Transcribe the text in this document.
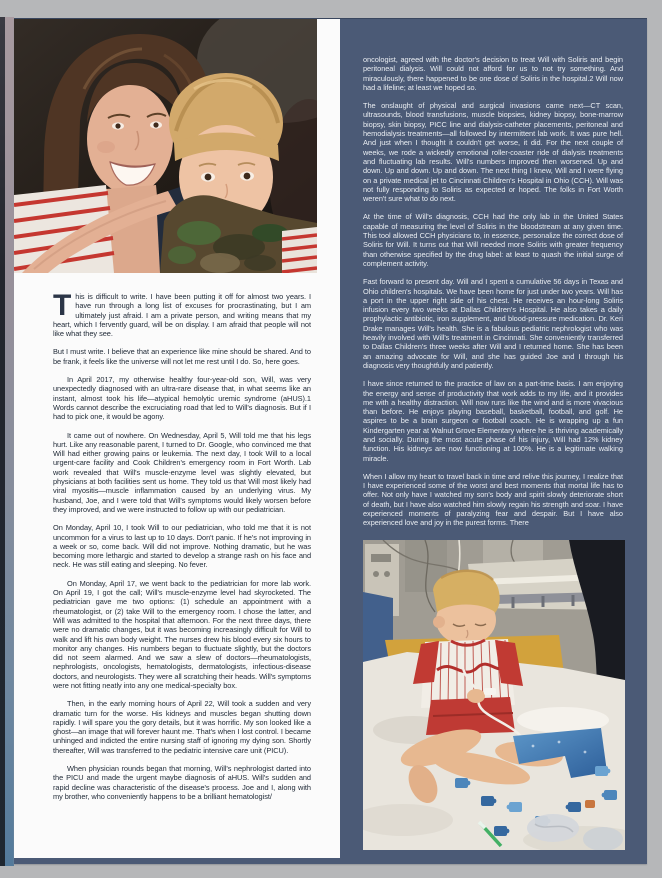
This is difficult to write. I have been putting it off for almost two years. I have run through a long list of excuses for procrastinating, but I am ultimately just afraid. I am a private person, and writing means that my heart, which I fervently guard, will be on display. I am afraid that people will not like what they see.

But I must write. I believe that an experience like mine should be shared. And to be frank, it feels like the universe will not let me rest until I do. So, here goes.

In April 2017, my otherwise healthy four-year-old son, Will, was very unexpectedly diagnosed with an ultra-rare disease that, in what seems like an instant, almost took his life—atypical hemolytic uremic syndrome (aHUS).1 Words cannot describe the excruciating road that led to Will's diagnosis. But if I had to pick one, it would be agony.

It came out of nowhere. On Wednesday, April 5, Will told me that his legs hurt. Like any reasonable parent, I turned to Dr. Google, who convinced me that Will had either growing pains or leukemia. The next day, I took Will to a local urgent-care facility and Cook Children's emergency room in Fort Worth. Lab work revealed that Will's muscle-enzyme level was slightly elevated, but physicians at both facilities sent us home. They told us that Will most likely had viral myositis—muscle inflammation caused by an underlying virus. My husband, Joe, and I were told that Will's symptoms would likely worsen before they improved, and we were instructed to follow up with our pediatrician.

On Monday, April 10, I took Will to our pediatrician, who told me that it is not uncommon for a virus to last up to 10 days. Don't panic. If he's not improving in a week or so, come back. Will did not improve. Nothing dramatic, but he was becoming more lethargic and started to develop a strange rash on his face and neck. He was still eating and sleeping. No fever.

On Monday, April 17, we went back to the pediatrician for more lab work. On April 19, I got the call; Will's muscle-enzyme level had skyrocketed. The pediatrician gave me two options: (1) schedule an appointment with a rheumatologist, or (2) take Will to the emergency room. I chose the latter, and Will was admitted to the hospital that afternoon. For the next three days, there were no dramatic changes, but it was becoming increasingly difficult for Will to walk and lift his own body weight. The nurses drew his blood every six hours to monitor any changes. His numbers began to fluctuate slightly, but the doctors did not seem alarmed. And we saw a slew of doctors—rheumatologists, nephrologists, oncologists, hematologists, dermatologists, infectious-disease doctors, and neurologists. They were all scratching their heads. Will's symptoms were not fitting neatly into any one medical-specialty box.

Then, in the early morning hours of April 22, Will took a sudden and very dramatic turn for the worse. His kidneys and muscles began shutting down rapidly. I will spare you the gory details, but it was horrific. My son looked like a ghost—an image that will forever haunt me. That's when I lost control. I became unhinged and indicted the entire nursing staff of ignoring my dying son. Shortly thereafter, Will was transferred to the pediatric intensive care unit (PICU).

When physician rounds began that morning, Will's nephrologist darted into the PICU and made the urgent maybe diagnosis of aHUS. Will's sudden and rapid decline was characteristic of the disease's process. Joe and I, along with my brother, who conveniently happens to be a brilliant hematologist/

oncologist, agreed with the doctor's decision to treat Will with Soliris and begin peritoneal dialysis. Will could not afford for us to not try something. And miraculously, there happened to be one dose of Soliris in the hospital.2 Will now had a lifeline; at least we hoped so.

The onslaught of physical and surgical invasions came next—CT scan, ultrasounds, blood transfusions, muscle biopsies, kidney biopsy, bone-marrow biopsy, skin biopsy, PICC line and dialysis-catheter placements, peritoneal and hemodialysis treatments—all followed by intermittent lab work. It was pure hell. And just when I thought it couldn't get worse, it did. For the next couple of weeks, we rode a wickedly emotional roller-coaster ride of dialysis treatments and fluctuating lab results. Will's numbers improved then worsened. Up and down. Up and down. Up and down. The next thing I knew, Will and I were flying on a private medical jet to Cincinnati Children's Hospital in Ohio (CCH). Will was not fully responding to Soliris as expected or hoped. The folks in Fort Worth weren't sure what to do next.

At the time of Will's diagnosis, CCH had the only lab in the United States capable of measuring the level of Soliris in the bloodstream at any given time. This tool allowed CCH physicians to, in essence, personalize the correct dose of Soliris for Will. It turns out that Will needed more Soliris with greater frequency than otherwise specified by the drug label: at least to quash the initial surge of complement activity.

Fast forward to present day. Will and I spent a cumulative 56 days in Texas and Ohio children's hospitals. We have been home for just under two years. Will has a port in the upper right side of his chest. He receives an hour-long Soliris infusion every two weeks at Dallas Children's Hospital. He also takes a daily prophylactic antibiotic, iron supplement, and blood-pressure medication. Dr. Keri Drake manages Will's health. She is a fabulous pediatric nephrologist who was heavily involved with Will's treatment in Cincinnati. She conveniently transferred to Dallas Children's three weeks after Will and I returned home. She has been an amazing advocate for Will, and she has guided Joe and I through his diagnosis very thoughtfully and patiently.

I have since returned to the practice of law on a part-time basis. I am enjoying the energy and sense of productivity that work adds to my life, and it provides me with a healthy distraction. Will now runs like the wind and is more vivacious than before. He enjoys playing baseball, basketball, football, and golf. He aspires to be a brain surgeon or football coach. He is wrapping up a fun Kindergarten year at Walnut Grove Elementary where he is thriving academically and socially. During the most acute phase of his injury, Will had 12% kidney function. His kidneys are now functioning at 100%. He is a legitimate walking miracle.

When I allow my heart to travel back in time and relive this journey, I realize that I have experienced some of the worst and best moments that mortal life has to offer. Not only have I watched my son's body and spirit slowly deteriorate short of death, but I have also watched him slowly regain his strength and soar. I have experienced moments of paralyzing fear and despair. But I have also experienced love and joy in the purest forms. There
